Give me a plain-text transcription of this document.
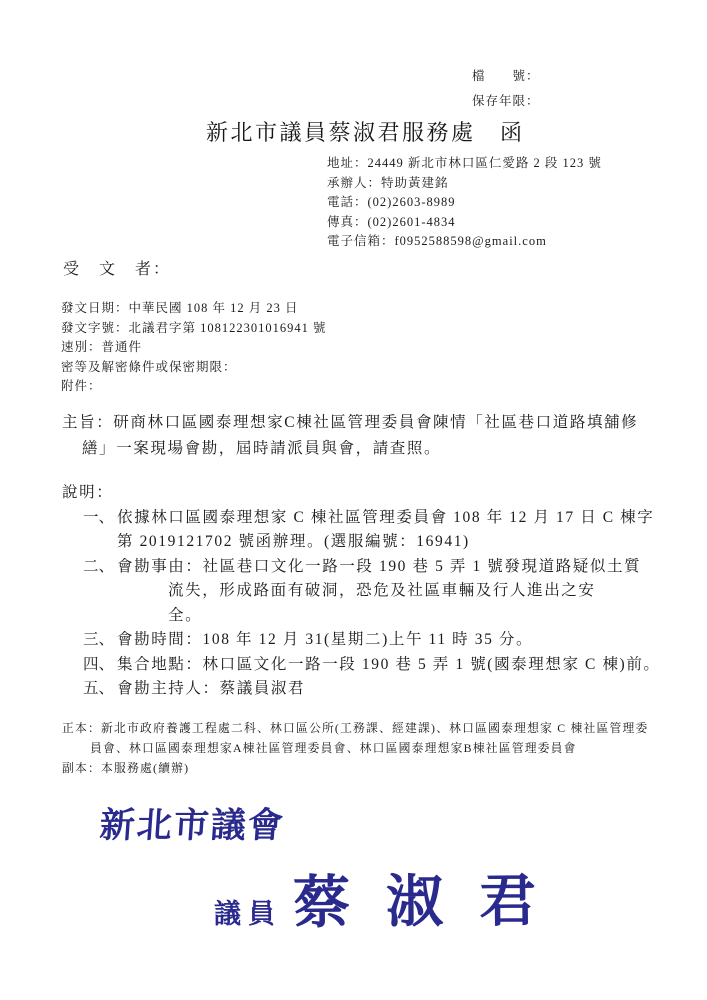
檔　　號：
保存年限：
新北市議員蔡淑君服務處　函
地址：24449 新北市林口區仁愛路 2 段 123 號
承辦人：特助黃建銘
電話：(02)2603-8989
傳真：(02)2601-4834
電子信箱：f0952588598@gmail.com
受　文　者：
發文日期：中華民國 108 年 12 月 23 日
發文字號：北議君字第 108122301016941 號
速別：普通件
密等及解密條件或保密期限：
附件：
主旨：研商林口區國泰理想家C棟社區管理委員會陳情「社區巷口道路填舖修
繕」一案現場會勘，屆時請派員與會，請查照。
說明：
一、 依據林口區國泰理想家 C 棟社區管理委員會 108 年 12 月 17 日 C 棟字
第 2019121702 號函辦理。(選服編號：16941)
二、 會勘事由：社區巷口文化一路一段 190 巷 5 弄 1 號發現道路疑似土質
流失，形成路面有破洞，恐危及社區車輛及行人進出之安
全。
三、 會勘時間：108 年 12 月 31(星期二)上午 11 時 35 分。
四、 集合地點：林口區文化一路一段 190 巷 5 弄 1 號(國泰理想家 C 棟)前。
五、 會勘主持人：蔡議員淑君
正本：新北市政府養護工程處二科、林口區公所(工務課、經建課)、林口區國泰理想家 C 棟社區管理委
員會、林口區國泰理想家A棟社區管理委員會、林口區國泰理想家B棟社區管理委員會
副本：本服務處(續辦)
新北市議會
議員 蔡淑君
